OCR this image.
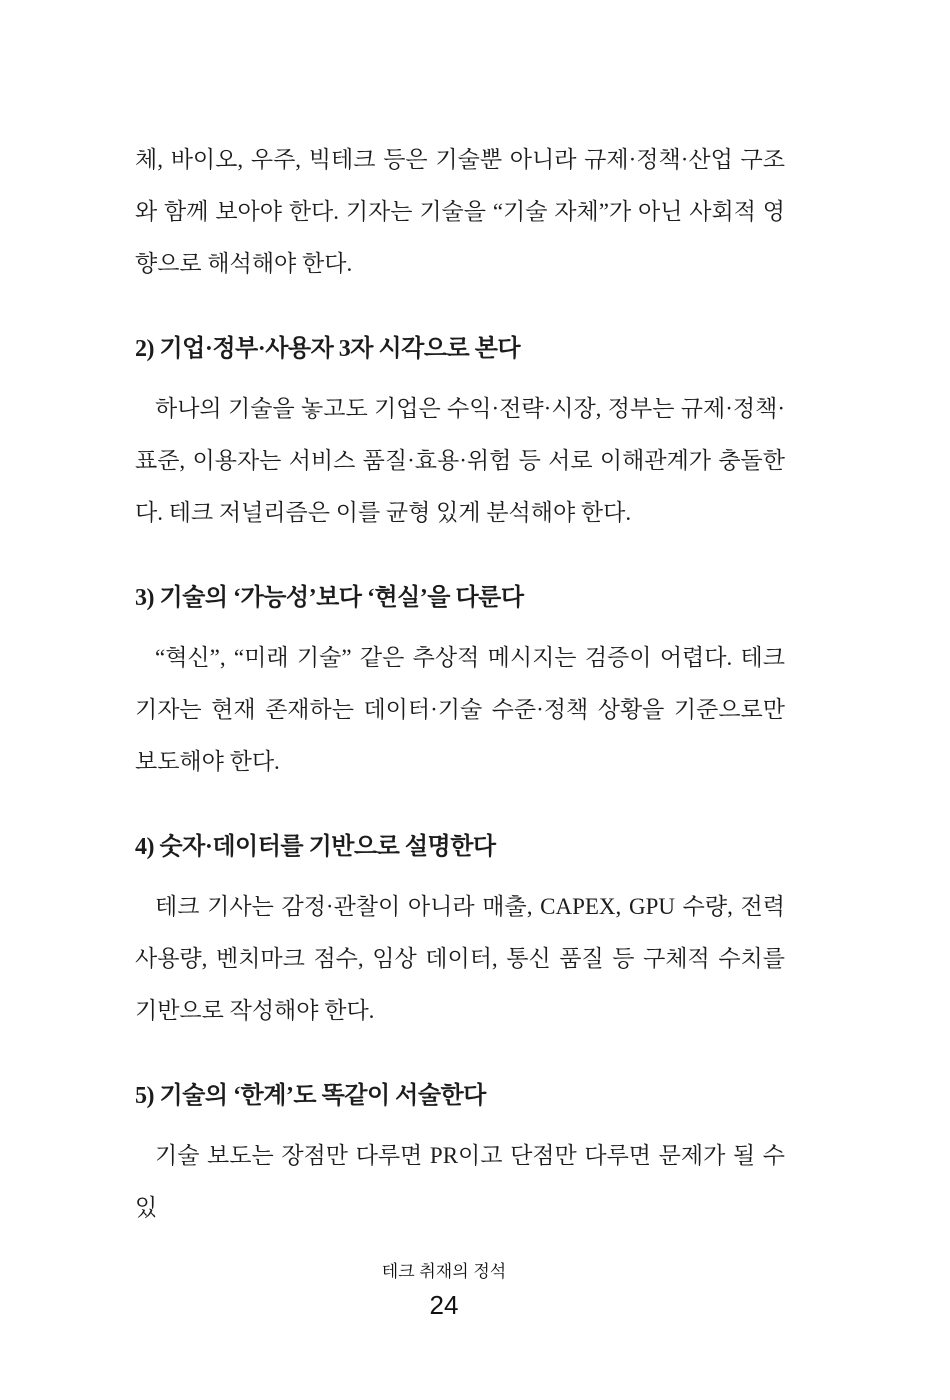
체, 바이오, 우주, 빅테크 등은 기술뿐 아니라 규제·정책·산업 구조와 함께 보아야 한다. 기자는 기술을 “기술 자체”가 아닌 사회적 영향으로 해석해야 한다.

2) 기업·정부·사용자 3자 시각으로 본다

하나의 기술을 놓고도 기업은 수익·전략·시장, 정부는 규제·정책·표준, 이용자는 서비스 품질·효용·위험 등 서로 이해관계가 충돌한다. 테크 저널리즘은 이를 균형 있게 분석해야 한다.

3) 기술의 ‘가능성’보다 ‘현실’을 다룬다

“혁신”, “미래 기술” 같은 추상적 메시지는 검증이 어렵다. 테크 기자는 현재 존재하는 데이터·기술 수준·정책 상황을 기준으로만 보도해야 한다.

4) 숫자·데이터를 기반으로 설명한다

테크 기사는 감정·관찰이 아니라 매출, CAPEX, GPU 수량, 전력 사용량, 벤치마크 점수, 임상 데이터, 통신 품질 등 구체적 수치를 기반으로 작성해야 한다.

5) 기술의 ‘한계’도 똑같이 서술한다

기술 보도는 장점만 다루면 PR이고 단점만 다루면 문제가 될 수 있

테크 취재의 정석
24
